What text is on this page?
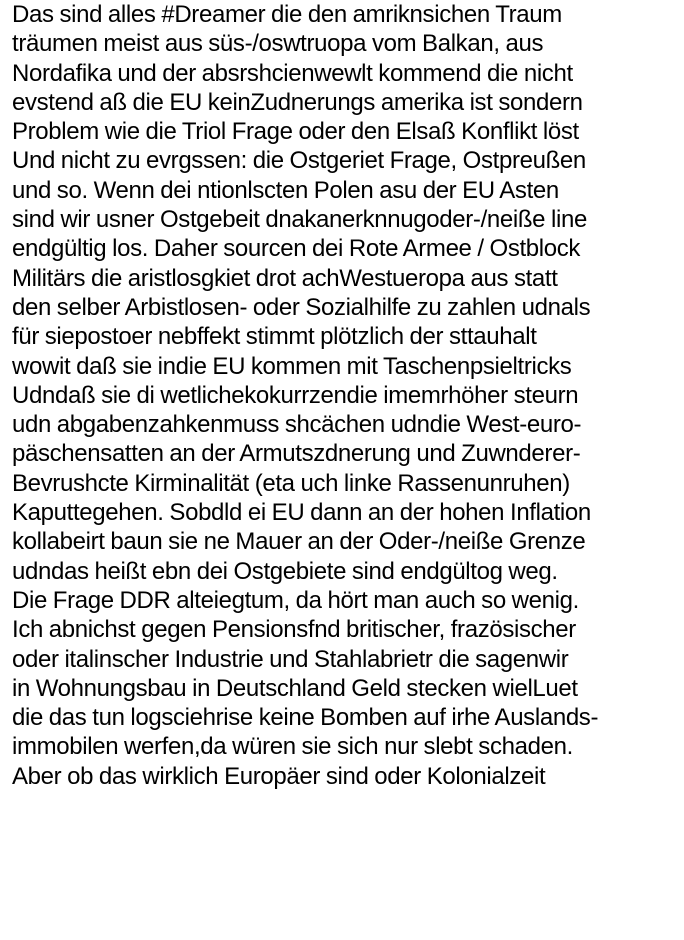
Das sind alles #Dreamer die den amriknsichen Traum
träumen meist aus süs-/oswtruopa vom Balkan, aus
Nordafika und der absrshcienwewlt kommend die nicht
evstend aß die EU keinZudnerungs amerika ist sondern
Problem wie die Triol Frage oder den Elsaß Konflikt löst
Und nicht zu evrgssen: die Ostgeriet Frage, Ostpreußen
und so. Wenn dei ntionlscten Polen asu der EU Asten
sind wir usner Ostgebeit dnakanerknnugoder-/neiße line
endgültig los. Daher sourcen dei Rote Armee / Ostblock
Militärs die aristlosgkiet drot achWestueropa aus statt
den selber Arbistlosen- oder Sozialhilfe zu zahlen udnals
für siepostoer nebffekt stimmt plötzlich der sttauhalt
wowit daß sie indie EU kommen mit Taschenpsieltricks
Udndaß sie di wetlichekokurrzendie imemrhöher steurn
udn abgabenzahkenmuss shcächen udndie West-euro-
päschensatten an der Armutszdnerung und Zuwnderer-
Bevrushcte Kirminalität (eta uch linke Rassenunruhen)
Kaputtegehen. Sobdld ei EU dann an der hohen Inflation
kollabeirt baun sie ne Mauer an der Oder-/neiße Grenze
udndas heißt ebn dei Ostgebiete sind endgültog weg.
Die Frage DDR alteiegtum, da hört man auch so wenig.
Ich abnichst gegen Pensionsfnd britischer, frazösischer
oder italinscher Industrie und Stahlabrietr die sagenwir
in Wohnungsbau in Deutschland Geld stecken wielLuet
die das tun logsciehrise keine Bomben auf irhe Auslands-
immobilen werfen,da würen sie sich nur slebt schaden.
Aber ob das wirklich Europäer sind oder Kolonialzeit
